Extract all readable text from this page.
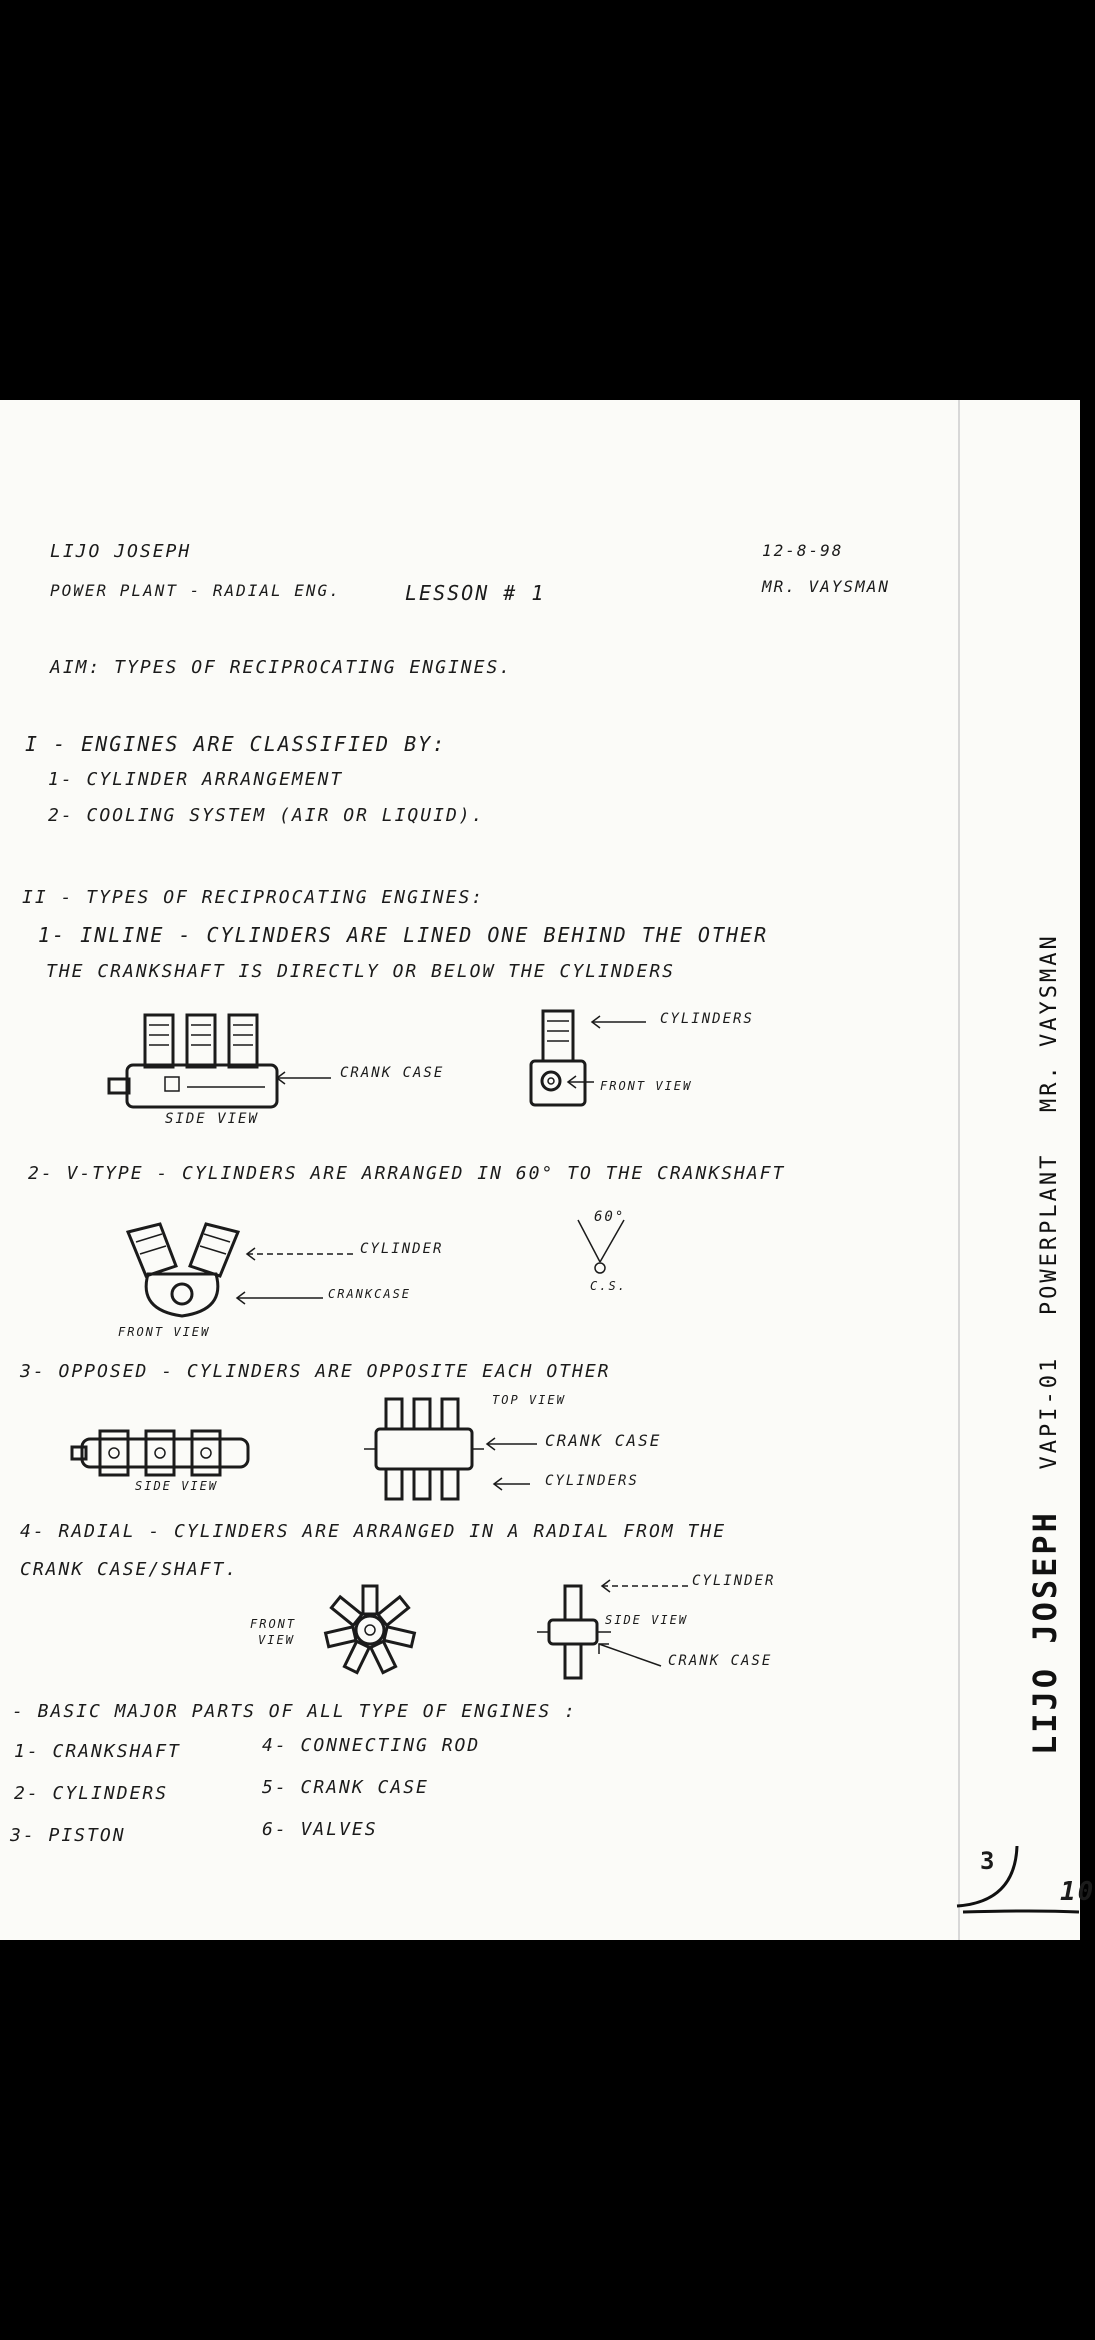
LIJO JOSEPH
POWER PLANT - RADIAL ENG.	LESSON # 1
12-8-98
MR. VAYSMAN
AIM: TYPES OF RECIPROCATING ENGINES.
I - ENGINES ARE CLASSIFIED BY:
1- CYLINDER ARRANGEMENT
2- COOLING SYSTEM (AIR OR LIQUID).
II - TYPES OF RECIPROCATING ENGINES:
1- INLINE - CYLINDERS ARE LINED ONE BEHIND THE OTHER
THE CRANKSHAFT IS DIRECTLY OR BELOW THE CYLINDERS
CRANK CASE
SIDE VIEW
CYLINDERS
FRONT VIEW
2- V-TYPE - CYLINDERS ARE ARRANGED IN 60° TO THE CRANKSHAFT
CYLINDER
CRANKCASE
FRONT VIEW
60°
C.S.
3- OPPOSED - CYLINDERS ARE OPPOSITE EACH OTHER
SIDE VIEW
TOP VIEW
CRANK CASE
CYLINDERS
4- RADIAL - CYLINDERS ARE ARRANGED IN A RADIAL FROM THE
CRANK CASE/SHAFT.
FRONT
VIEW
CYLINDER
SIDE VIEW
CRANK CASE
- BASIC MAJOR PARTS OF ALL TYPE OF ENGINES :
1- CRANKSHAFT
2- CYLINDERS
3- PISTON
4- CONNECTING ROD
5- CRANK CASE
6- VALVES
LIJO JOSEPH VAPI-01 POWERPLANT MR. VAYSMAN
3
10
